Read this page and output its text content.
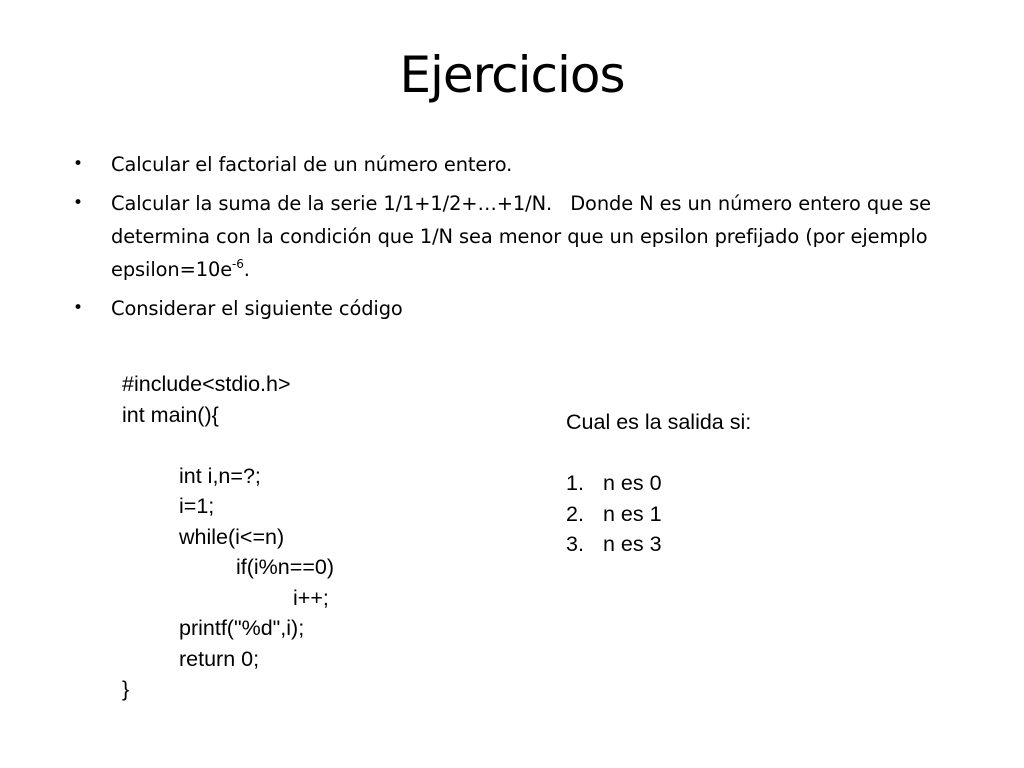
Ejercicios
• Calcular el factorial de un número entero.
• Calcular la suma de la serie 1/1+1/2+…+1/N.   Donde N es un número entero que se determina con la condición que 1/N sea menor que un epsilon prefijado (por ejemplo $epsilon=10e^{-6}$.
• Considerar el siguiente código
#include<stdio.h>
int main(){
int i,n=?;
i=1;
while(i<=n)
if(i%n==0)
i++;
printf("%d",i);
return 0;
}
Cual es la salida si:
1. n es 0
2. n es 1
3. n es 3
